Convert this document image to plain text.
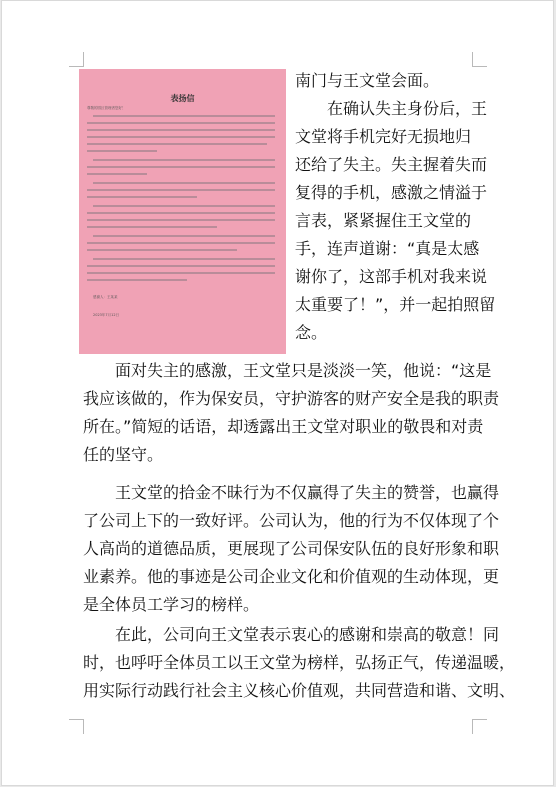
表扬信
尊敬的园区管理者您好！
感谢人：王某某
2023年7月12日
南门与王文堂会面。
在确认失主身份后，王
文堂将手机完好无损地归
还给了失主。失主握着失而
复得的手机，感激之情溢于
言表，紧紧握住王文堂的
手，连声道谢：“真是太感
谢你了，这部手机对我来说
太重要了！”，并一起拍照留
念。
面对失主的感激，王文堂只是淡淡一笑，他说：“这是
我应该做的，作为保安员，守护游客的财产安全是我的职责
所在。”简短的话语，却透露出王文堂对职业的敬畏和对责
任的坚守。
王文堂的拾金不昧行为不仅赢得了失主的赞誉，也赢得
了公司上下的一致好评。公司认为，他的行为不仅体现了个
人高尚的道德品质，更展现了公司保安队伍的良好形象和职
业素养。他的事迹是公司企业文化和价值观的生动体现，更
是全体员工学习的榜样。
在此，公司向王文堂表示衷心的感谢和崇高的敬意！同
时，也呼吁全体员工以王文堂为榜样，弘扬正气，传递温暖，
用实际行动践行社会主义核心价值观，共同营造和谐、文明、
